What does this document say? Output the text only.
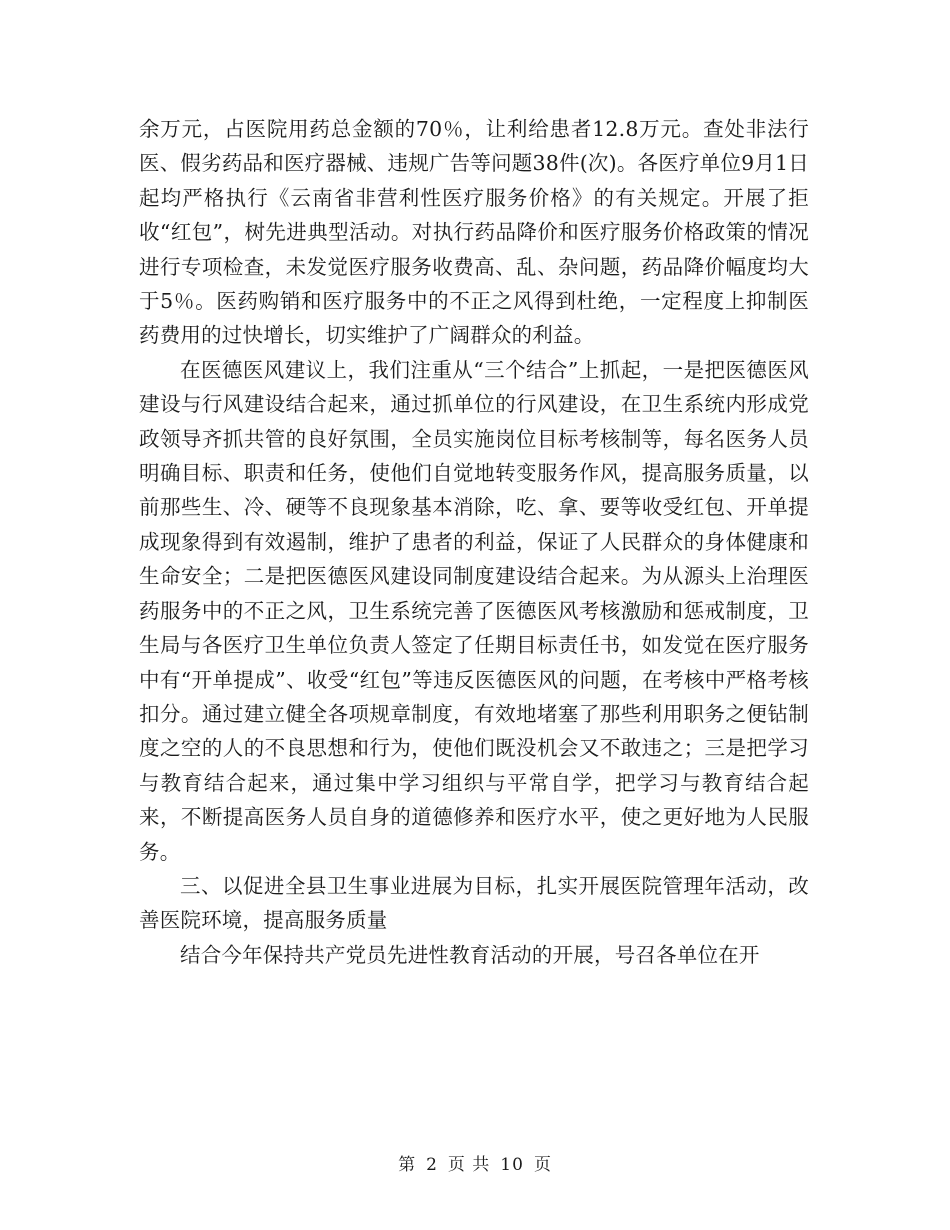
余万元，占医院用药总金额的70％，让利给患者12.8万元。查处非法行医、假劣药品和医疗器械、违规广告等问题38件(次)。各医疗单位9月1日起均严格执行《云南省非营利性医疗服务价格》的有关规定。开展了拒收“红包”，树先进典型活动。对执行药品降价和医疗服务价格政策的情况进行专项检查，未发觉医疗服务收费高、乱、杂问题，药品降价幅度均大于5％。医药购销和医疗服务中的不正之风得到杜绝，一定程度上抑制医药费用的过快增长，切实维护了广阔群众的利益。

在医德医风建议上，我们注重从“三个结合”上抓起，一是把医德医风建设与行风建设结合起来，通过抓单位的行风建设，在卫生系统内形成党政领导齐抓共管的良好氛围，全员实施岗位目标考核制等，每名医务人员明确目标、职责和任务，使他们自觉地转变服务作风，提高服务质量，以前那些生、冷、硬等不良现象基本消除，吃、拿、要等收受红包、开单提成现象得到有效遏制，维护了患者的利益，保证了人民群众的身体健康和生命安全；二是把医德医风建设同制度建设结合起来。为从源头上治理医药服务中的不正之风，卫生系统完善了医德医风考核激励和惩戒制度，卫生局与各医疗卫生单位负责人签定了任期目标责任书，如发觉在医疗服务中有“开单提成”、收受“红包”等违反医德医风的问题，在考核中严格考核扣分。通过建立健全各项规章制度，有效地堵塞了那些利用职务之便钻制度之空的人的不良思想和行为，使他们既没机会又不敢违之；三是把学习与教育结合起来，通过集中学习组织与平常自学，把学习与教育结合起来，不断提高医务人员自身的道德修养和医疗水平，使之更好地为人民服务。

三、以促进全县卫生事业进展为目标，扎实开展医院管理年活动，改善医院环境，提高服务质量

结合今年保持共产党员先进性教育活动的开展，号召各单位在开

第 2 页 共 10 页
